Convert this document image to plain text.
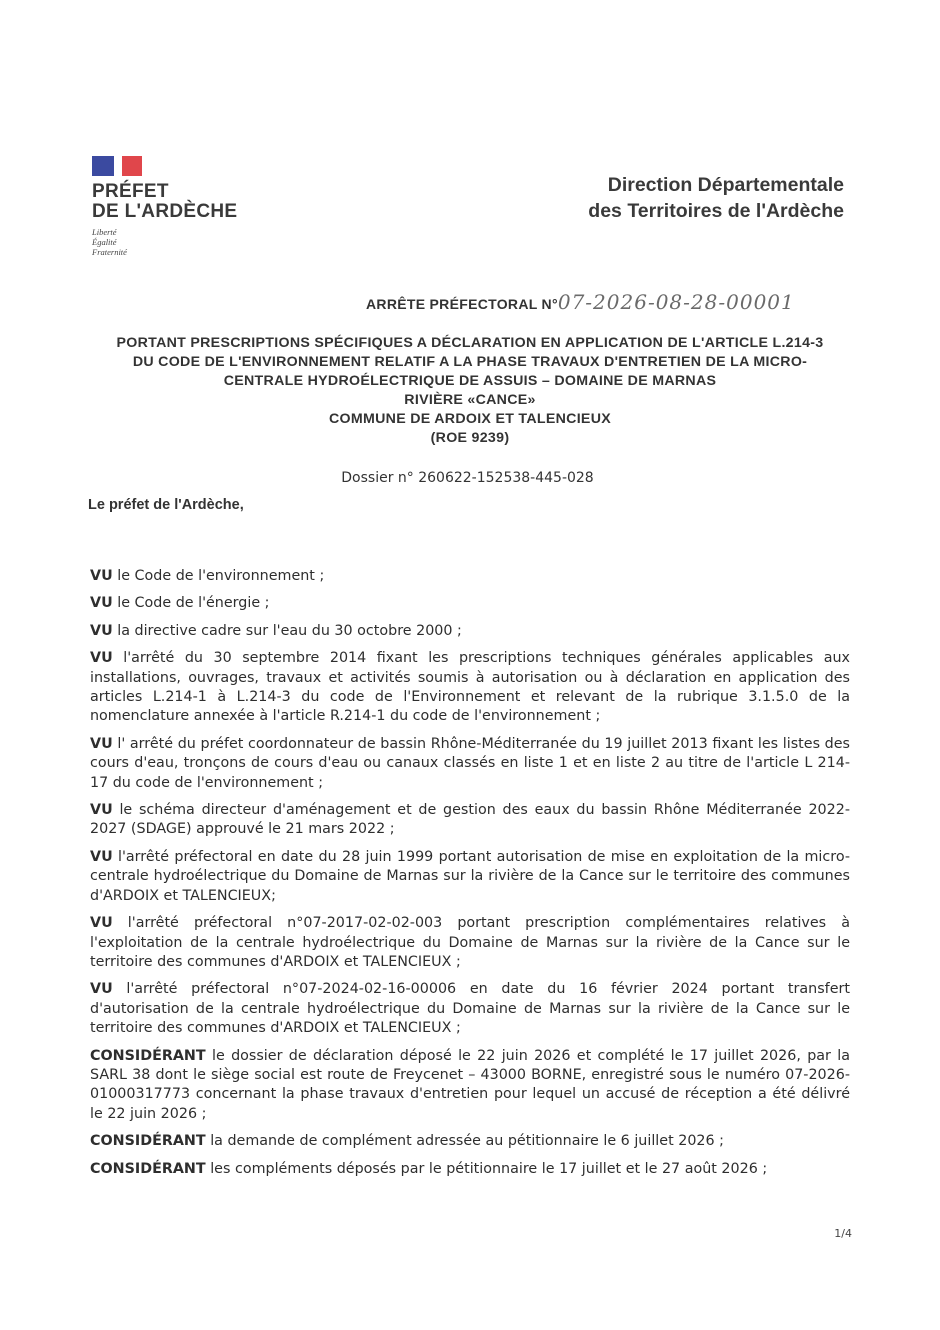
PRÉFET
DE L'ARDÈCHE
Liberté
Égalité
Fraternité
Direction Départementale
des Territoires de l'Ardèche
ARRÊTE PRÉFECTORAL N°07-2026-08-28-00001
PORTANT PRESCRIPTIONS SPÉCIFIQUES A DÉCLARATION EN APPLICATION DE L'ARTICLE L.214-3
DU CODE DE L'ENVIRONNEMENT RELATIF A LA PHASE TRAVAUX D'ENTRETIEN DE LA MICRO-
CENTRALE HYDROÉLECTRIQUE DE ASSUIS – DOMAINE DE MARNAS
RIVIÈRE «CANCE»
COMMUNE DE ARDOIX ET TALENCIEUX
(ROE 9239)
Dossier n° 260622-152538-445-028
Le préfet de l'Ardèche,

VU le Code de l'environnement ;

VU le Code de l'énergie ;

VU la directive cadre sur l'eau du 30 octobre 2000 ;

VU l'arrêté du 30 septembre 2014 fixant les prescriptions techniques générales applicables aux installations, ouvrages, travaux et activités soumis à autorisation ou à déclaration en application des articles L.214-1 à L.214-3 du code de l'Environnement et relevant de la rubrique 3.1.5.0 de la nomenclature annexée à l'article R.214-1 du code de l'environnement ;

VU l' arrêté du préfet coordonnateur de bassin Rhône-Méditerranée du 19 juillet 2013 fixant les listes des cours d'eau, tronçons de cours d'eau ou canaux classés en liste 1 et en liste 2 au titre de l'article L 214-17 du code de l'environnement ;

VU le schéma directeur d'aménagement et de gestion des eaux du bassin Rhône Méditerranée 2022-2027 (SDAGE) approuvé le 21 mars 2022 ;

VU l'arrêté préfectoral en date du 28 juin 1999 portant autorisation de mise en exploitation de la micro-centrale hydroélectrique du Domaine de Marnas sur la rivière de la Cance sur le territoire des communes d'ARDOIX et TALENCIEUX;

VU l'arrêté préfectoral n°07-2017-02-02-003 portant prescription complémentaires relatives à l'exploitation de la centrale hydroélectrique du Domaine de Marnas sur la rivière de la Cance sur le territoire des communes d'ARDOIX et TALENCIEUX ;

VU l'arrêté préfectoral n°07-2024-02-16-00006 en date du 16 février 2024 portant transfert d'autorisation de la centrale hydroélectrique du Domaine de Marnas sur la rivière de la Cance sur le territoire des communes d'ARDOIX et TALENCIEUX ;

CONSIDÉRANT le dossier de déclaration déposé le 22 juin 2026 et complété le 17 juillet 2026, par la SARL 38 dont le siège social est route de Freycenet – 43000 BORNE, enregistré sous le numéro 07-2026-01000317773 concernant la phase travaux d'entretien pour lequel un accusé de réception a été délivré le 22 juin 2026 ;

CONSIDÉRANT la demande de complément adressée au pétitionnaire le 6 juillet 2026 ;

CONSIDÉRANT les compléments déposés par le pétitionnaire le 17 juillet et le 27 août 2026 ;

1/4
